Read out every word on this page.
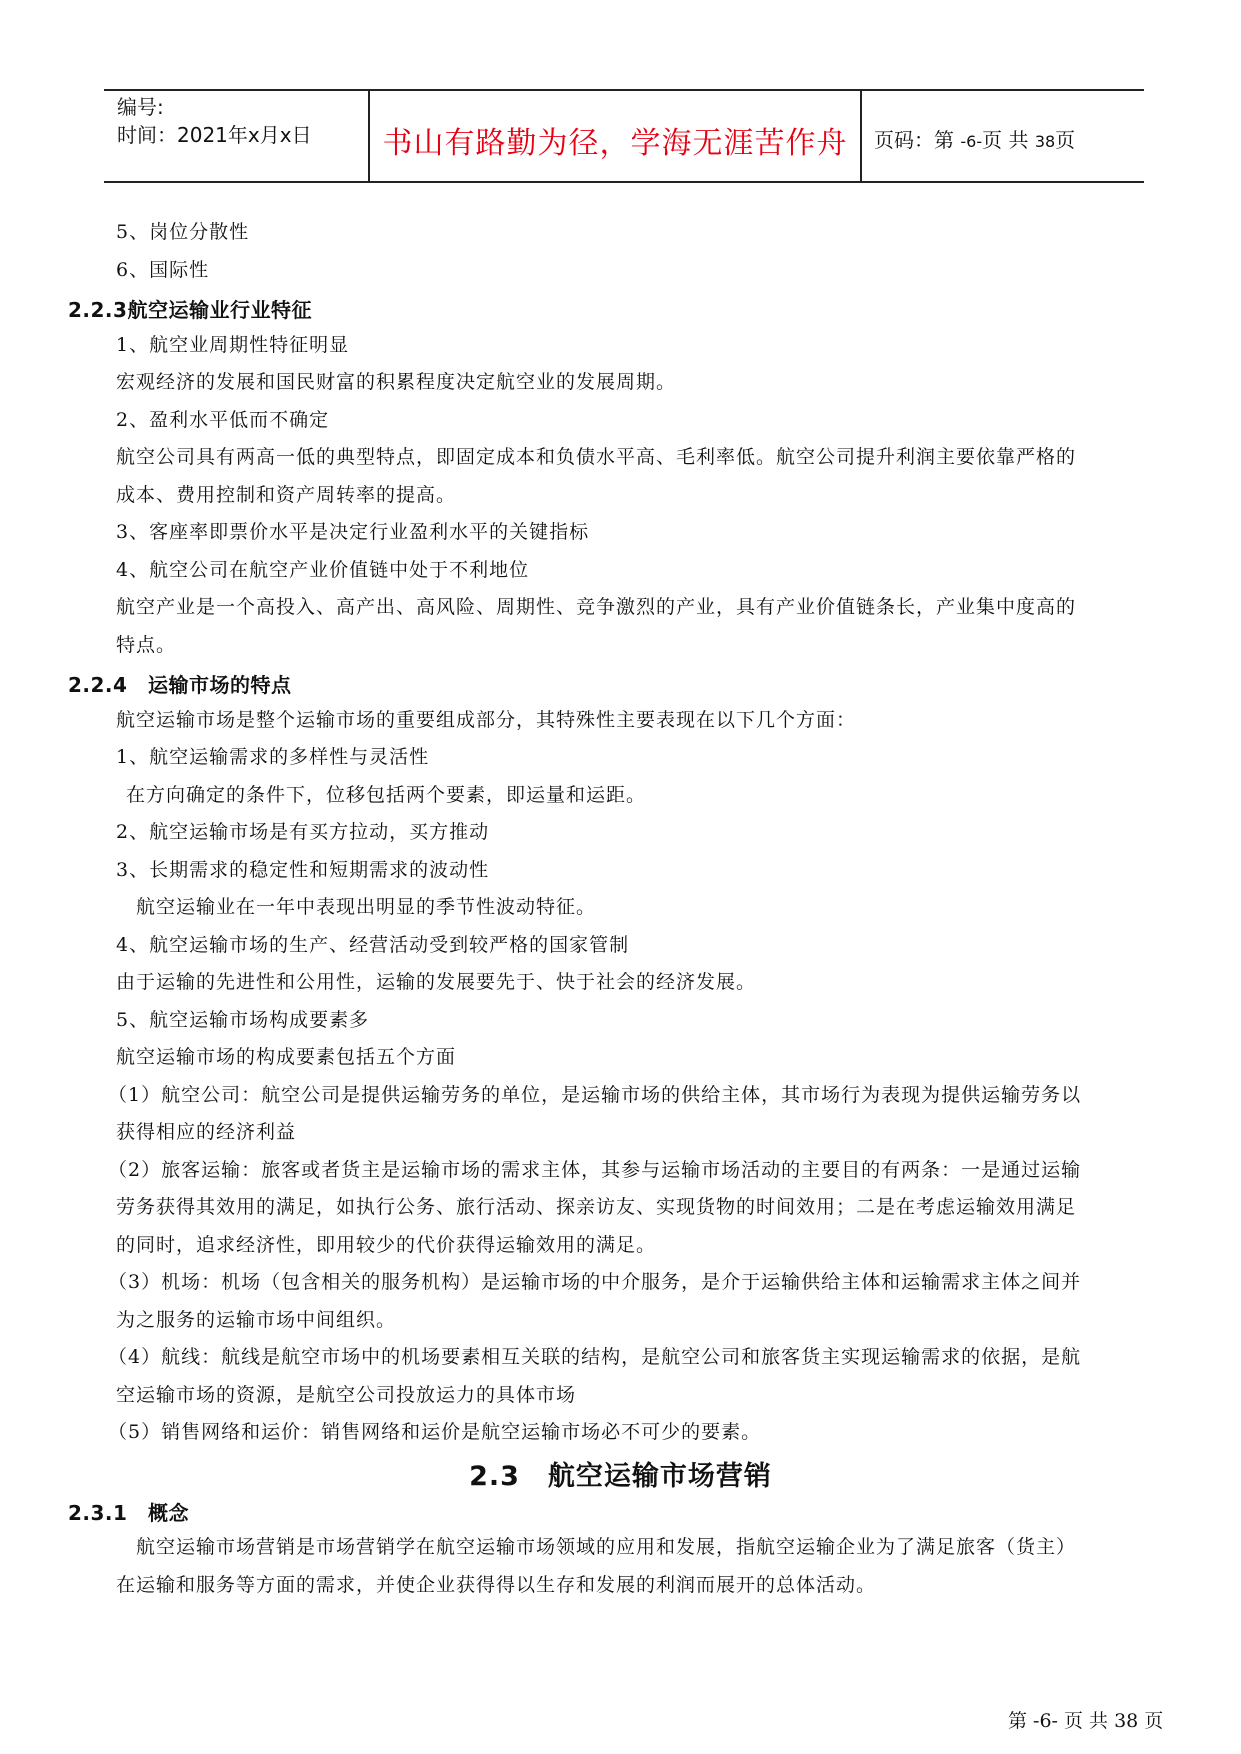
编号:
时间：2021年x月x日	书山有路勤为径，学海无涯苦作舟	页码：第 -6-页 共 38页
5、岗位分散性
6、国际性
2.2.3航空运输业行业特征
1、航空业周期性特征明显
宏观经济的发展和国民财富的积累程度决定航空业的发展周期。
2、盈利水平低而不确定
航空公司具有两高一低的典型特点，即固定成本和负债水平高、毛利率低。航空公司提升利润主要依靠严格的
成本、费用控制和资产周转率的提高。
3、客座率即票价水平是决定行业盈利水平的关键指标
4、航空公司在航空产业价值链中处于不利地位
航空产业是一个高投入、高产出、高风险、周期性、竞争激烈的产业，具有产业价值链条长，产业集中度高的
特点。
2.2.4　运输市场的特点
航空运输市场是整个运输市场的重要组成部分，其特殊性主要表现在以下几个方面：
1、航空运输需求的多样性与灵活性
在方向确定的条件下，位移包括两个要素，即运量和运距。
2、航空运输市场是有买方拉动，买方推动
3、长期需求的稳定性和短期需求的波动性
航空运输业在一年中表现出明显的季节性波动特征。
4、航空运输市场的生产、经营活动受到较严格的国家管制
由于运输的先进性和公用性，运输的发展要先于、快于社会的经济发展。
5、航空运输市场构成要素多
航空运输市场的构成要素包括五个方面
（1）航空公司：航空公司是提供运输劳务的单位，是运输市场的供给主体，其市场行为表现为提供运输劳务以
获得相应的经济利益
（2）旅客运输：旅客或者货主是运输市场的需求主体，其参与运输市场活动的主要目的有两条：一是通过运输
劳务获得其效用的满足，如执行公务、旅行活动、探亲访友、实现货物的时间效用；二是在考虑运输效用满足
的同时，追求经济性，即用较少的代价获得运输效用的满足。
（3）机场：机场（包含相关的服务机构）是运输市场的中介服务，是介于运输供给主体和运输需求主体之间并
为之服务的运输市场中间组织。
（4）航线：航线是航空市场中的机场要素相互关联的结构，是航空公司和旅客货主实现运输需求的依据，是航
空运输市场的资源，是航空公司投放运力的具体市场
（5）销售网络和运价：销售网络和运价是航空运输市场必不可少的要素。
2.3　航空运输市场营销
2.3.1　概念
航空运输市场营销是市场营销学在航空运输市场领域的应用和发展，指航空运输企业为了满足旅客（货主）
在运输和服务等方面的需求，并使企业获得得以生存和发展的利润而展开的总体活动。
第 -6- 页 共 38 页
